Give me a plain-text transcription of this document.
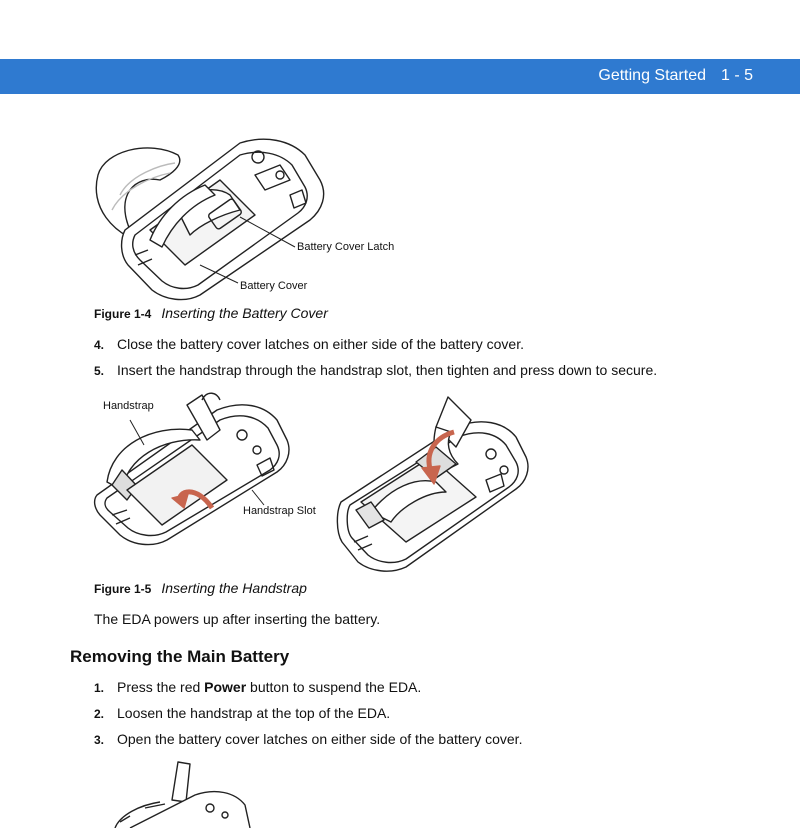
Getting Started 1 - 5
Battery Cover Latch
Battery Cover
Figure 1-4 Inserting the Battery Cover
4. Close the battery cover latches on either side of the battery cover.
5. Insert the handstrap through the handstrap slot, then tighten and press down to secure.
Handstrap
Handstrap Slot
Figure 1-5 Inserting the Handstrap
The EDA powers up after inserting the battery.
Removing the Main Battery
1. Press the red Power button to suspend the EDA.
2. Loosen the handstrap at the top of the EDA.
3. Open the battery cover latches on either side of the battery cover.
